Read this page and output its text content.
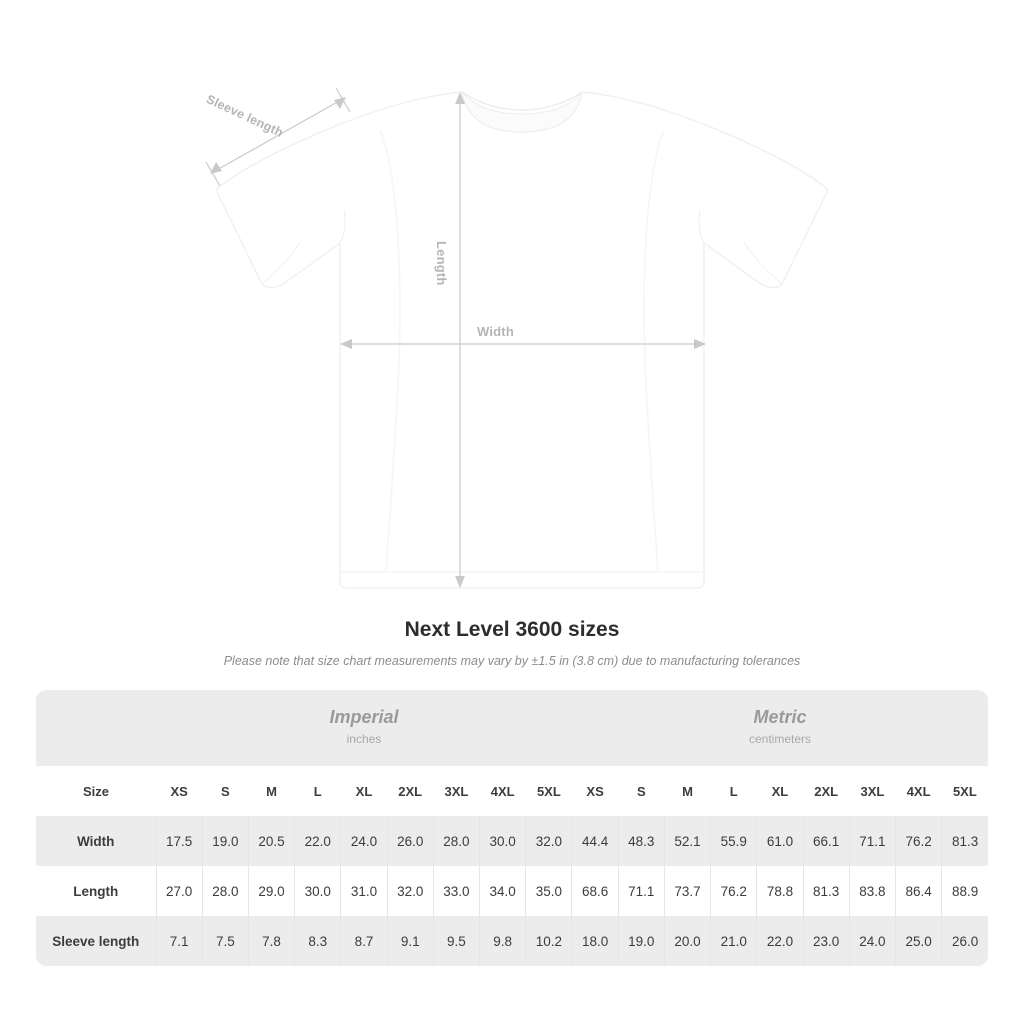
Width
Length
Sleeve length
Next Level 3600 sizes

Please note that size chart measurements may vary by ±1.5 in (3.8 cm) due to manufacturing tolerances

Imperial
inches

Metric
centimeters

Size	XS	S	M	L	XL	2XL	3XL	4XL	5XL	XS	S	M	L	XL	2XL	3XL	4XL	5XL
Width	17.5	19.0	20.5	22.0	24.0	26.0	28.0	30.0	32.0	44.4	48.3	52.1	55.9	61.0	66.1	71.1	76.2	81.3
Length	27.0	28.0	29.0	30.0	31.0	32.0	33.0	34.0	35.0	68.6	71.1	73.7	76.2	78.8	81.3	83.8	86.4	88.9
Sleeve length	7.1	7.5	7.8	8.3	8.7	9.1	9.5	9.8	10.2	18.0	19.0	20.0	21.0	22.0	23.0	24.0	25.0	26.0
